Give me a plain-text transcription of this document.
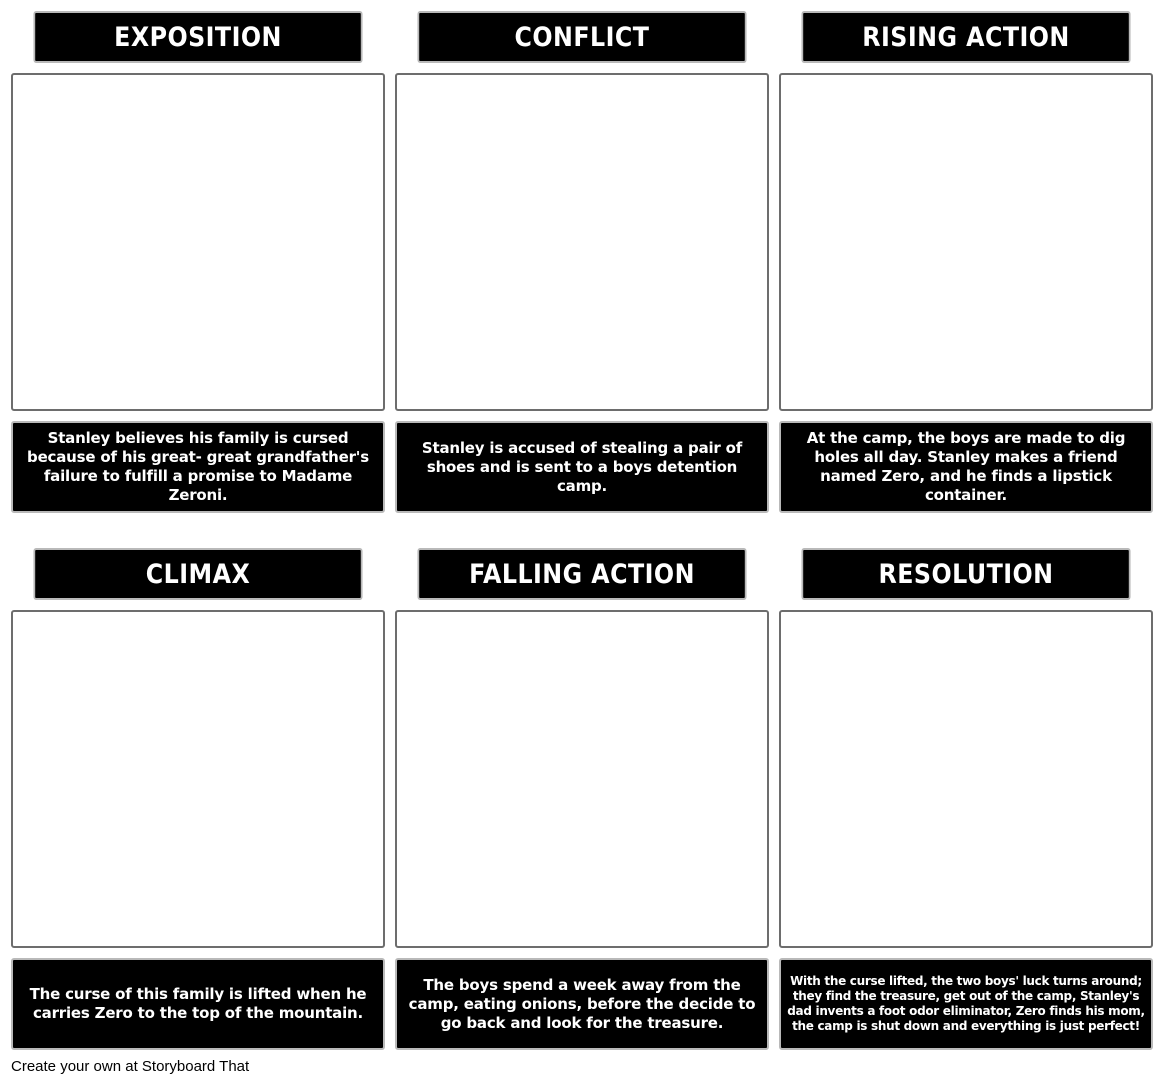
EXPOSITION
Stanley believes his family is cursed because of his great- great grandfather's failure to fulfill a promise to Madame Zeroni.
CONFLICT
Stanley is accused of stealing a pair of shoes and is sent to a boys detention camp.
RISING ACTION
At the camp, the boys are made to dig holes all day. Stanley makes a friend named Zero, and he finds a lipstick container.
CLIMAX
The curse of this family is lifted when he carries Zero to the top of the mountain.
FALLING ACTION
The boys spend a week away from the camp, eating onions, before the decide to go back and look for the treasure.
RESOLUTION
With the curse lifted, the two boys' luck turns around; they find the treasure, get out of the camp, Stanley's dad invents a foot odor eliminator, Zero finds his mom, the camp is shut down and everything is just perfect!
Create your own at Storyboard That
